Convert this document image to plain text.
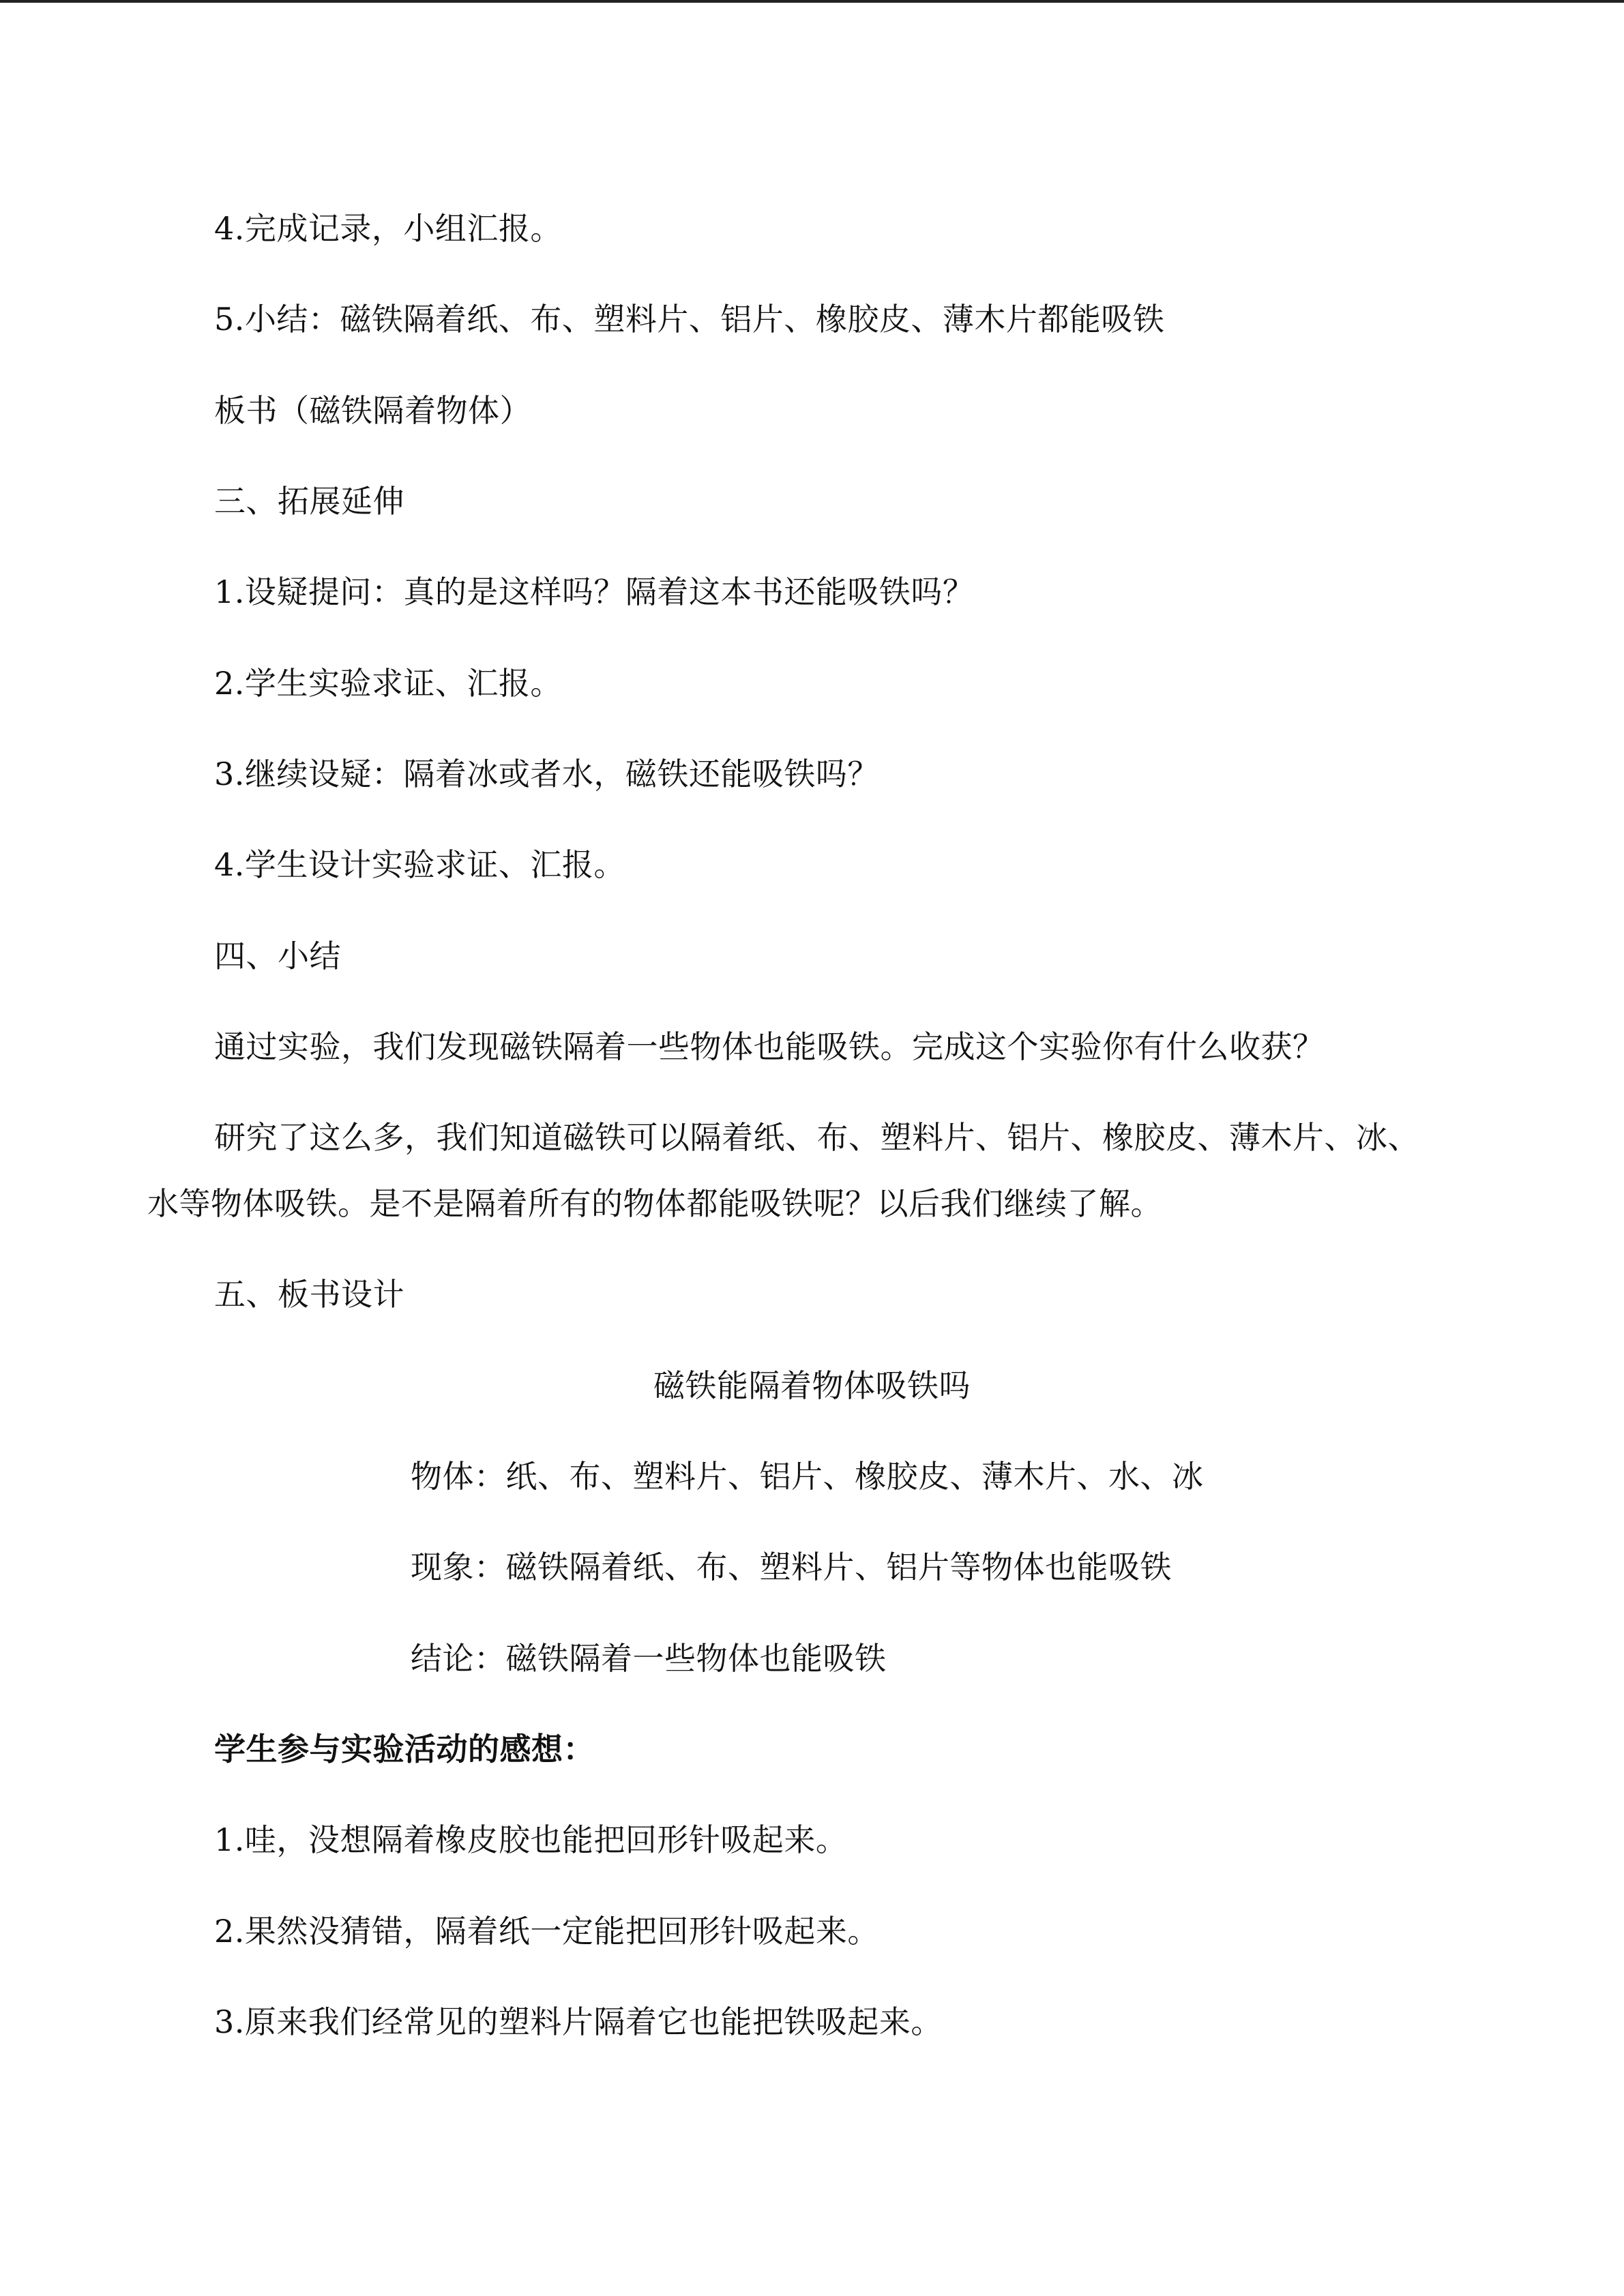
4.完成记录，小组汇报。
5.小结：磁铁隔着纸、布、塑料片、铝片、橡胶皮、薄木片都能吸铁
板书（磁铁隔着物体）
三、拓展延伸
1.设疑提问：真的是这样吗？隔着这本书还能吸铁吗？
2.学生实验求证、汇报。
3.继续设疑：隔着冰或者水，磁铁还能吸铁吗？
4.学生设计实验求证、汇报。
四、小结
通过实验，我们发现磁铁隔着一些物体也能吸铁。完成这个实验你有什么收获？
研究了这么多，我们知道磁铁可以隔着纸、布、塑料片、铝片、橡胶皮、薄木片、冰、
水等物体吸铁。是不是隔着所有的物体都能吸铁呢？以后我们继续了解。
五、板书设计
磁铁能隔着物体吸铁吗
物体：纸、布、塑料片、铝片、橡胶皮、薄木片、水、冰
现象：磁铁隔着纸、布、塑料片、铝片等物体也能吸铁
结论：磁铁隔着一些物体也能吸铁
学生参与实验活动的感想：
1.哇，没想隔着橡皮胶也能把回形针吸起来。
2.果然没猜错，隔着纸一定能把回形针吸起来。
3.原来我们经常见的塑料片隔着它也能把铁吸起来。
